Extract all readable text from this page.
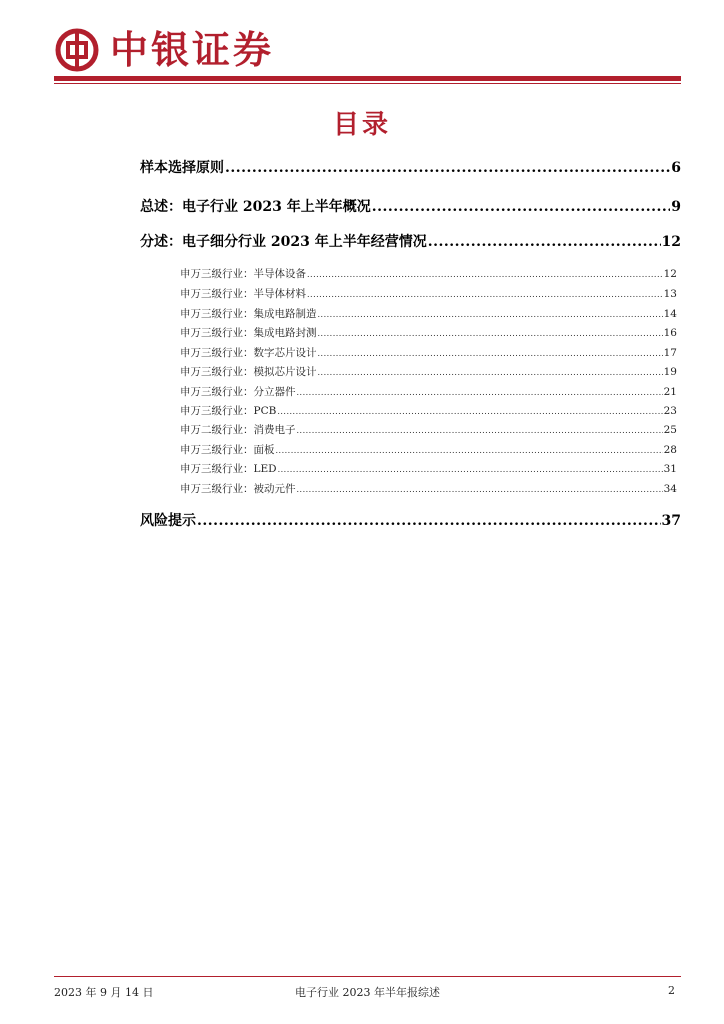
中银证券
目录
样本选择原则 .....	6
总述：电子行业 2023 年上半年概况 .....	9
分述：电子细分行业 2023 年上半年经营情况 .....	12
申万三级行业：半导体设备 .....	12
申万三级行业：半导体材料 .....	13
申万三级行业：集成电路制造 .....	14
申万三级行业：集成电路封测 .....	16
申万三级行业：数字芯片设计 .....	17
申万三级行业：模拟芯片设计 .....	19
申万三级行业：分立器件 .....	21
申万三级行业：PCB .....	23
申万二级行业：消费电子 .....	25
申万三级行业：面板 .....	28
申万三级行业：LED .....	31
申万三级行业：被动元件 .....	34
风险提示 .....	37
2023 年 9 月 14 日	电子行业 2023 年半年报综述	2
